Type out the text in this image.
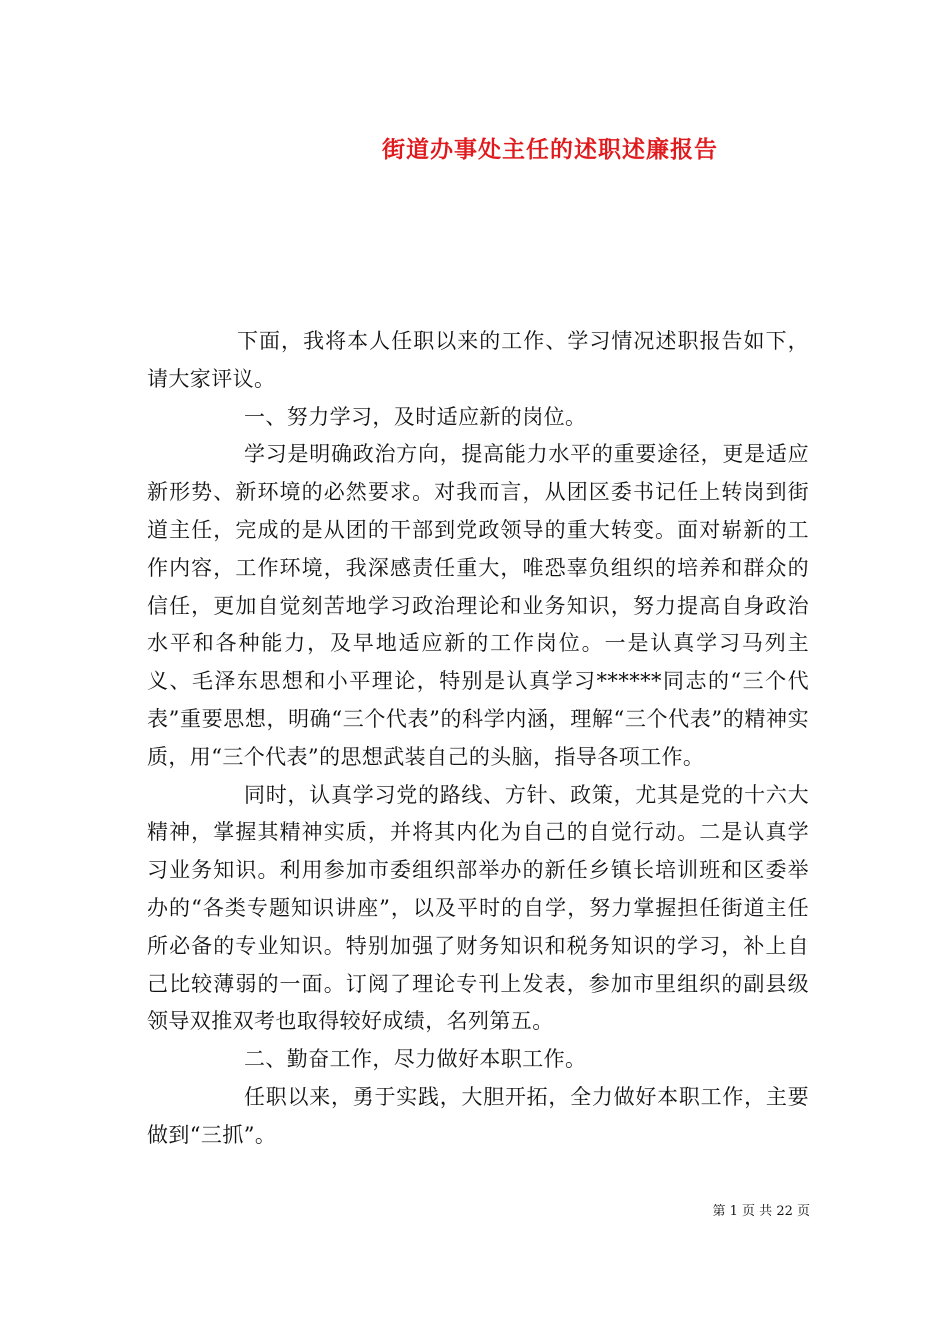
街道办事处主任的述职述廉报告

下面，我将本人任职以来的工作、学习情况述职报告如下，请大家评议。

一、努力学习，及时适应新的岗位。

学习是明确政治方向，提高能力水平的重要途径，更是适应新形势、新环境的必然要求。对我而言，从团区委书记任上转岗到街道主任，完成的是从团的干部到党政领导的重大转变。面对崭新的工作内容，工作环境，我深感责任重大，唯恐辜负组织的培养和群众的信任，更加自觉刻苦地学习政治理论和业务知识，努力提高自身政治水平和各种能力，及早地适应新的工作岗位。一是认真学习马列主义、毛泽东思想和小平理论，特别是认真学习******同志的“三个代表”重要思想，明确“三个代表”的科学内涵，理解“三个代表”的精神实质，用“三个代表”的思想武装自己的头脑，指导各项工作。

同时，认真学习党的路线、方针、政策，尤其是党的十六大精神，掌握其精神实质，并将其内化为自己的自觉行动。二是认真学习业务知识。利用参加市委组织部举办的新任乡镇长培训班和区委举办的“各类专题知识讲座”，以及平时的自学，努力掌握担任街道主任所必备的专业知识。特别加强了财务知识和税务知识的学习，补上自己比较薄弱的一面。订阅了理论专刊上发表，参加市里组织的副县级领导双推双考也取得较好成绩，名列第五。

二、勤奋工作，尽力做好本职工作。

任职以来，勇于实践，大胆开拓，全力做好本职工作，主要做到“三抓”。

第 1 页 共 22 页
